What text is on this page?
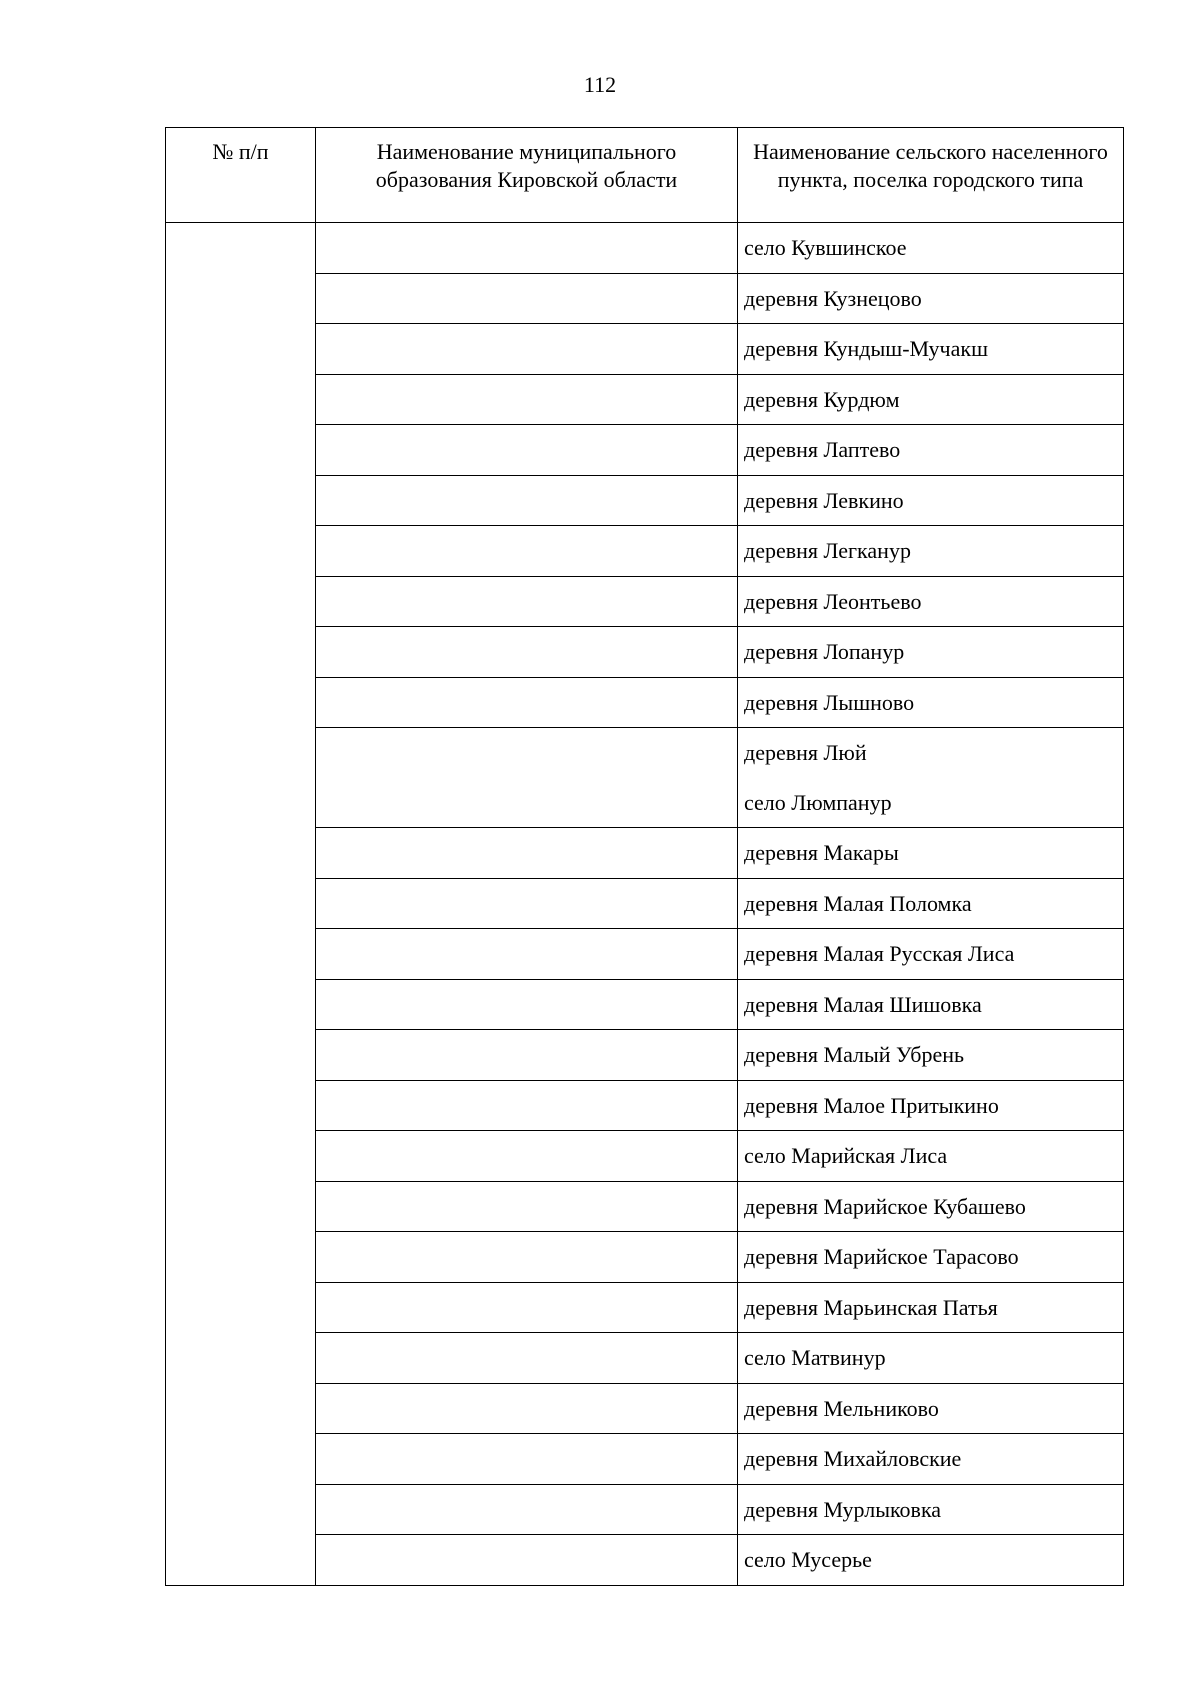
112
№ п/п	Наименование муниципального образования Кировской области	Наименование сельского населенного пункта, поселка городского типа

		село Кувшинское

		деревня Кузнецово

		деревня Кундыш-Мучакш

		деревня Курдюм

		деревня Лаптево

		деревня Левкино

		деревня Легканур

		деревня Леонтьево

		деревня Лопанур

		деревня Лышново

		деревня Люй
село Люмпанур

		деревня Макары

		деревня Малая Поломка

		деревня Малая Русская Лиса

		деревня Малая Шишовка

		деревня Малый Убрень

		деревня Малое Притыкино

		село Марийская Лиса

		деревня Марийское Кубашево

		деревня Марийское Тарасово

		деревня Марьинская Патья

		село Матвинур

		деревня Мельниково

		деревня Михайловские

		деревня Мурлыковка

		село Мусерье
